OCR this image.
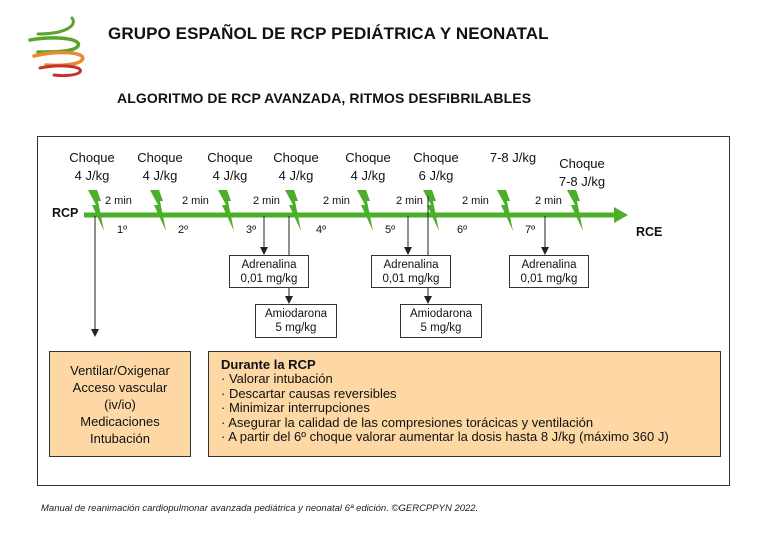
GRUPO ESPAÑOL DE RCP PEDIÁTRICA Y NEONATAL
ALGORITMO DE RCP AVANZADA, RITMOS DESFIBRILABLES
RCP
RCE
Choque
4 J/kg
Choque
4 J/kg
Choque
4 J/kg
Choque
4 J/kg
Choque
4 J/kg
Choque
6 J/kg
7-8 J/kg	Choque
7-8 J/kg
2 min	2 min	2 min	2 min	2 min	2 min	2 min
1º	2º	3º	4º	5º	6º	7º
Adrenalina
0,01 mg/kg
Adrenalina
0,01 mg/kg
Adrenalina
0,01 mg/kg
Amiodarona
5 mg/kg
Amiodarona
5 mg/kg
Ventilar/Oxigenar
Acceso vascular
(iv/io)
Medicaciones
Intubación
Durante la RCP
· Valorar intubación
· Descartar causas reversibles
· Minimizar interrupciones
· Asegurar la calidad de las compresiones torácicas y ventilación
· A partir del 6º choque valorar aumentar la dosis hasta 8 J/kg (máximo 360 J)
Manual de reanimación cardiopulmonar avanzada pediátrica y neonatal 6ª edición. ©GERCPPYN 2022.
